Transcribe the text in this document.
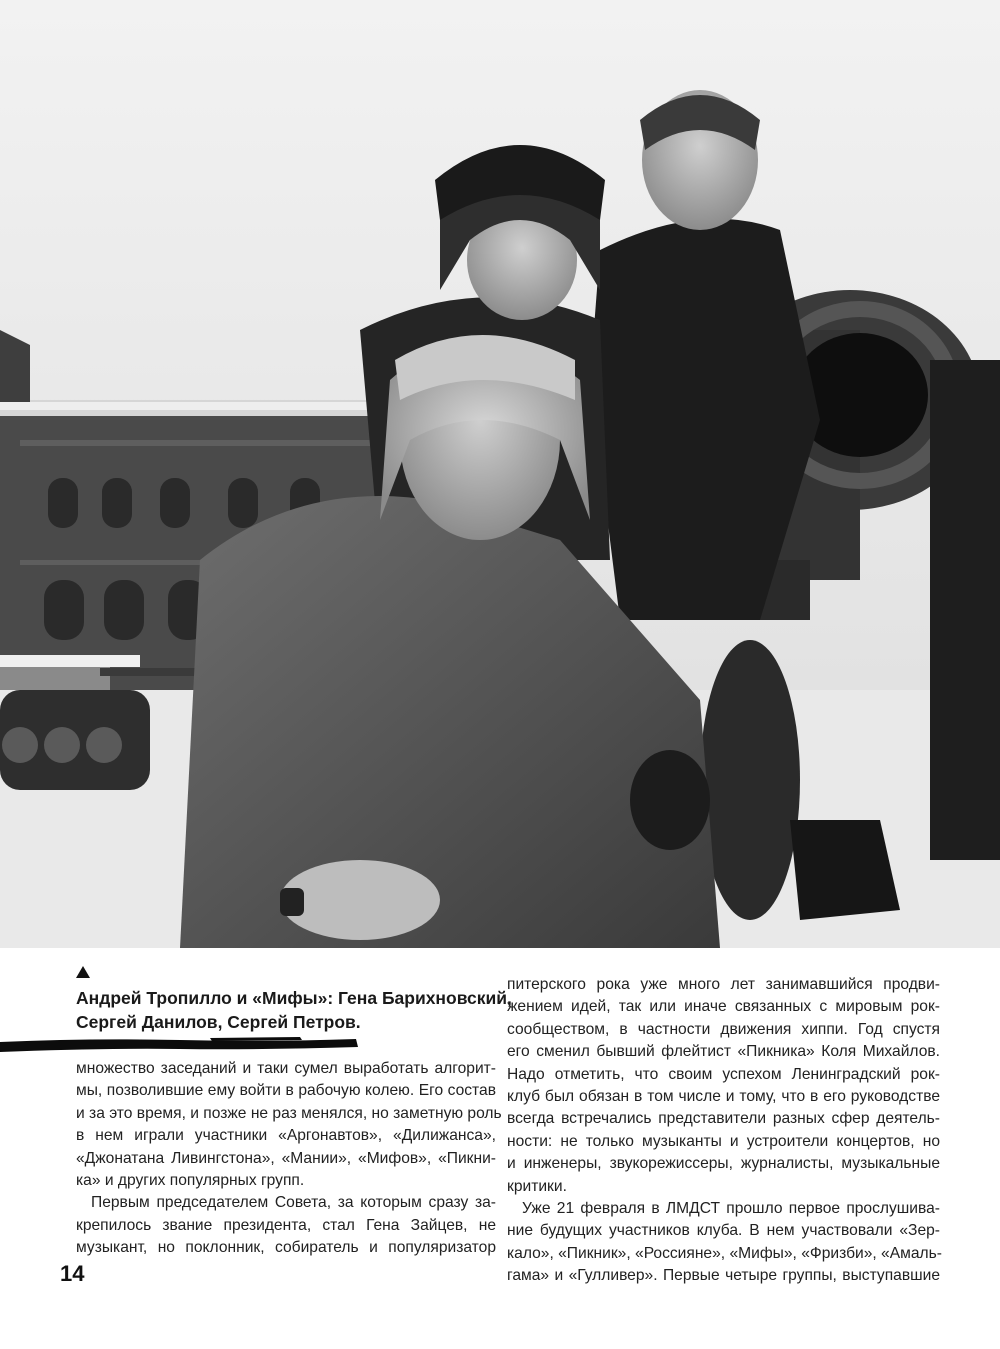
Андрей Тропилло и «Мифы»: Гена Барихновский,
Сергей Данилов, Сергей Петров.
множество заседаний и таки сумел выработать алгорит-
мы, позволившие ему войти в рабочую колею. Его состав
и за это время, и позже не раз менялся, но заметную роль
в нем играли участники «Аргонавтов», «Дилижанса»,
«Джонатана Ливингстона», «Мании», «Мифов», «Пикни-
ка» и других популярных групп.
Первым председателем Совета, за которым сразу за-
крепилось звание президента, стал Гена Зайцев, не
музыкант, но поклонник, собиратель и популяризатор
питерского рока уже много лет занимавшийся продви-
жением идей, так или иначе связанных с мировым рок-
сообществом, в частности движения хиппи. Год спустя
его сменил бывший флейтист «Пикника» Коля Михайлов.
Надо отметить, что своим успехом Ленинградский рок-
клуб был обязан в том числе и тому, что в его руководстве
всегда встречались представители разных сфер деятель-
ности: не только музыканты и устроители концертов, но
и инженеры, звукорежиссеры, журналисты, музыкальные
критики.
Уже 21 февраля в ЛМДСТ прошло первое прослушива-
ние будущих участников клуба. В нем участвовали «Зер-
кало», «Пикник», «Россияне», «Мифы», «Фризби», «Амаль-
гама» и «Гулливер». Первые четыре группы, выступавшие
14
